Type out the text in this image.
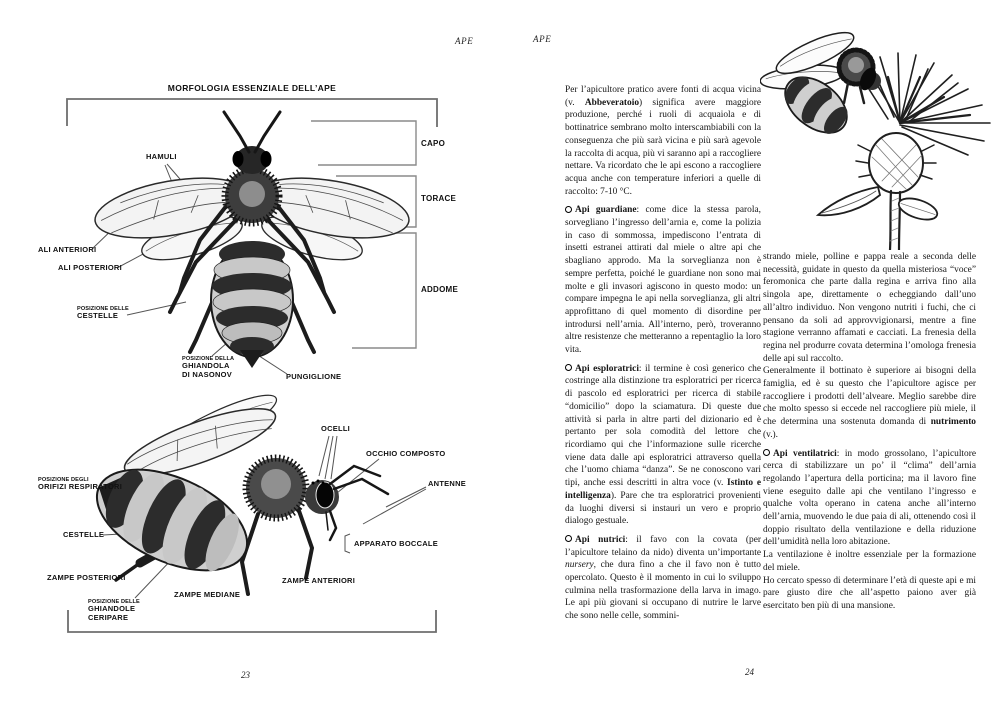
MORFOLOGIA ESSENZIALE DELL’APE
HAMULI
ALI ANTERIORI
ALI POSTERIORI
POSIZIONE DELLE
CESTELLE
POSIZIONE DELLA
GHIANDOLA
DI NASONOV	PUNGIGLIONE
CAPO
TORACE
ADDOME
OCELLI
OCCHIO COMPOSTO
ANTENNE
POSIZIONE DEGLI
ORIFIZI RESPIRATORI
CESTELLE
APPARATO BOCCALE
ZAMPE POSTERIORI
ZAMPE MEDIANE
ZAMPE ANTERIORI
POSIZIONE DELLE
GHIANDOLE
CERIPARE
APE	APE
23	24

Per l’apicultore pratico avere fonti di acqua vicina (v. Abbeveratoio) significa avere maggiore produzione, perché i ruoli di acquaiola e di bottinatrice sembrano molto interscambiabili con la conseguenza che più sarà vicina e più sarà agevole la raccolta di acqua, più vi saranno api a raccogliere nettare. Va ricordato che le api escono a raccogliere acqua anche con temperature inferiori a quelle di raccolto: 7-10 °C.

Api guardiane: come dice la stessa parola, sorvegliano l’ingresso dell’arnia e, come la polizia in caso di sommossa, impediscono l’entrata di insetti estranei attirati dal miele o altre api che sbagliano approdo. Ma la sorveglianza non è sempre perfetta, poiché le guardiane non sono mai molte e gli invasori agiscono in questo modo: un compare impegna le api nella sorveglianza, gli altri approfittano di quel momento di disordine per introdursi nell’arnia. All’interno, però, troveranno altre resistenze che metteranno a repentaglio la loro vita.

Api esploratrici: il termine è così generico che costringe alla distinzione tra esploratrici per ricerca di pascolo ed esploratrici per ricerca di stabile “domicilio” dopo la sciamatura. Di queste due attività si parla in altre parti del dizionario ed è pertanto per sola comodità del lettore che ricordiamo qui che l’informazione sulle ricerche viene data dalle api esploratrici attraverso quella che l’uomo chiama “danza”. Se ne conoscono vari tipi, anche essi descritti in altra voce (v. Istinto e intelligenza). Pare che tra esploratrici provenienti da luoghi diversi si instauri un vero e proprio dialogo gestuale.

Api nutrici: il favo con la covata (per l’apicultore telaino da nido) diventa un’importante nursery, che dura fino a che il favo non è tutto opercolato. Questo è il momento in cui lo sviluppo culmina nella trasformazione della larva in imago. Le api più giovani si occupano di nutrire le larve che sono nelle celle, sommini-

strando miele, polline e pappa reale a seconda delle necessità, guidate in questo da quella misteriosa “voce” feromonica che parte dalla regina e arriva fino alla singola ape, direttamente o echeggiando dall’uno all’altro individuo. Non vengono nutriti i fuchi, che ci pensano da soli ad approvvigionarsi, mentre a fine stagione verranno affamati e cacciati. La frenesia della regina nel produrre covata determina l’omologa frenesia delle api sul raccolto.

Generalmente il bottinato è superiore ai bisogni della famiglia, ed è su questo che l’apicultore agisce per raccogliere i prodotti dell’alveare. Meglio sarebbe dire che molto spesso si eccede nel raccogliere più miele, il che determina una sostenuta domanda di nutrimento (v.).

Api ventilatrici: in modo grossolano, l’apicultore cerca di stabilizzare un po’ il “clima” dell’arnia regolando l’apertura della porticina; ma il lavoro fine viene eseguito dalle api che ventilano l’ingresso e qualche volta operano in catena anche all’interno dell’arnia, muovendo le due paia di ali, ottenendo così il doppio risultato della ventilazione e della riduzione dell’umidità nella loro abitazione.

La ventilazione è inoltre essenziale per la formazione del miele.

Ho cercato spesso di determinare l’età di queste api e mi pare giusto dire che all’aspetto paiono aver già esercitato ben più di una mansione.
